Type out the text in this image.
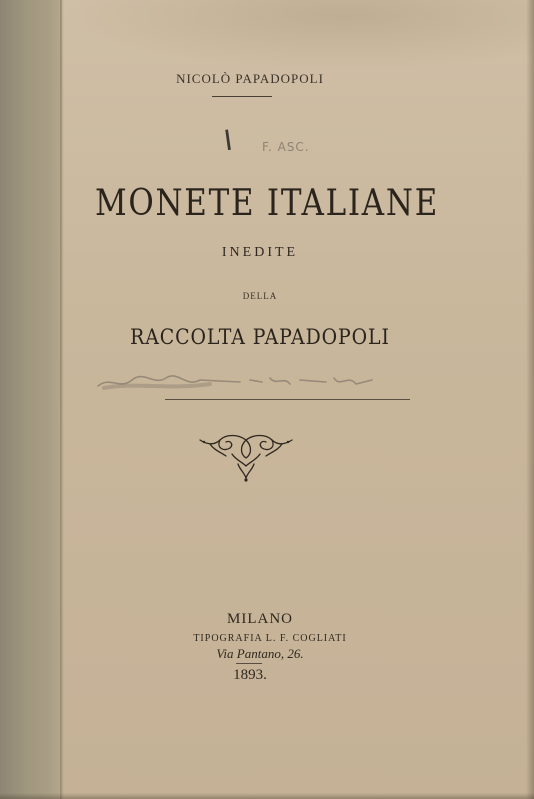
NICOLÒ PAPADOPOLI
I F. ASC.
MONETE ITALIANE
INEDITE
DELLA
RACCOLTA PAPADOPOLI
MILANO
TIPOGRAFIA L. F. COGLIATI
Via Pantano, 26.
1893.
